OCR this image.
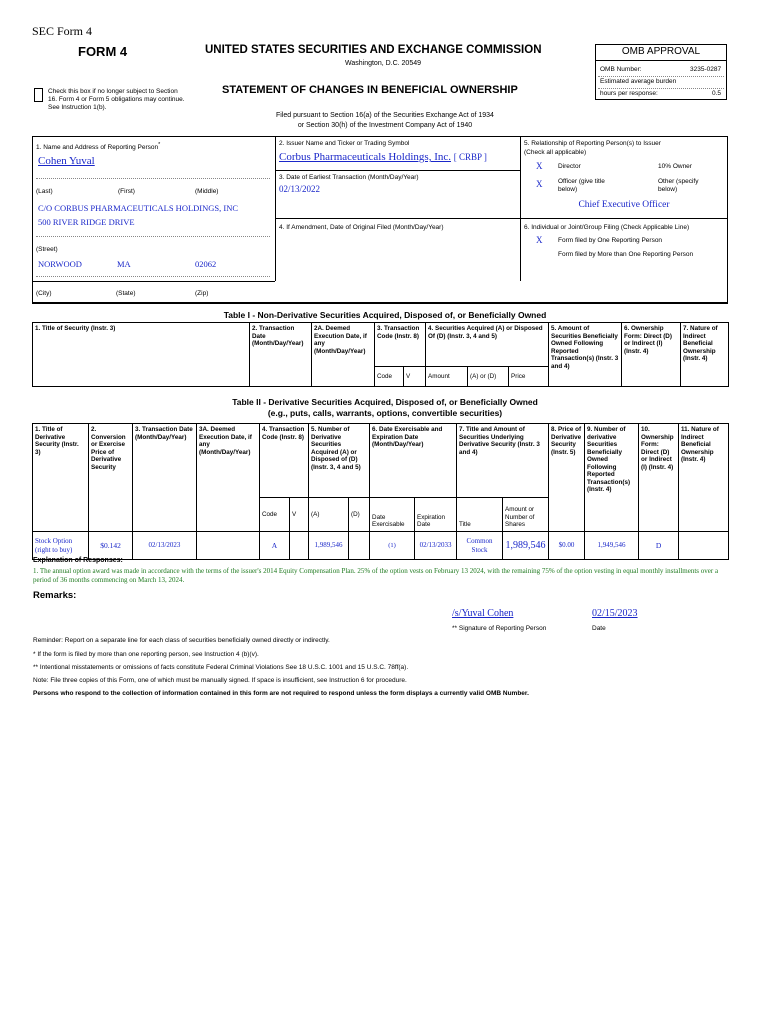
SEC Form 4
FORM 4	UNITED STATES SECURITIES AND EXCHANGE COMMISSION
Washington, D.C. 20549
Check this box if no longer subject to Section 16. Form 4 or Form 5 obligations may continue. See Instruction 1(b).
STATEMENT OF CHANGES IN BENEFICIAL OWNERSHIP
OMB APPROVAL
OMB Number:	3235-0287
Estimated average burden
hours per response:	0.5
Filed pursuant to Section 16(a) of the Securities Exchange Act of 1934
or Section 30(h) of the Investment Company Act of 1940
1. Name and Address of Reporting Person*
Cohen Yuval
(Last)	(First)	(Middle)
C/O CORBUS PHARMACEUTICALS HOLDINGS, INC
500 RIVER RIDGE DRIVE
(Street)
NORWOOD	MA	02062
(City)	(State)	(Zip)
2. Issuer Name and Ticker or Trading Symbol
Corbus Pharmaceuticals Holdings, Inc. [ CRBP ]
3. Date of Earliest Transaction (Month/Day/Year)
02/13/2022
4. If Amendment, Date of Original Filed (Month/Day/Year)
5. Relationship of Reporting Person(s) to Issuer
(Check all applicable)
X Director	10% Owner
X Officer (give title below)
Other (specify below)
Chief Executive Officer
6. Individual or Joint/Group Filing (Check Applicable Line)
X Form filed by One Reporting Person
Form filed by More than One Reporting Person
Table I - Non-Derivative Securities Acquired, Disposed of, or Beneficially Owned
1. Title of Security (Instr. 3)	2. Transaction Date (Month/Day/Year)	2A. Deemed Execution Date, if any (Month/Day/Year)	3. Transaction Code (Instr. 8)		4. Securities Acquired (A) or Disposed Of (D) (Instr. 3, 4 and 5)			5. Amount of Securities Beneficially Owned Following Reported Transaction(s) (Instr. 3 and 4)	6. Ownership Form: Direct (D) or Indirect (I) (Instr. 4)	7. Nature of Indirect Beneficial Ownership (Instr. 4)
			Code	V	Amount	(A) or (D)	Price			
Table II - Derivative Securities Acquired, Disposed of, or Beneficially Owned
(e.g., puts, calls, warrants, options, convertible securities)
1. Title of Derivative Security (Instr. 3)	2. Conversion or Exercise Price of Derivative Security	3. Transaction Date (Month/Day/Year)	3A. Deemed Execution Date, if any (Month/Day/Year)	4. Transaction Code (Instr. 8)		5. Number of Derivative Securities Acquired (A) or Disposed of (D) (Instr. 3, 4 and 5)		6. Date Exercisable and Expiration Date (Month/Day/Year)		7. Title and Amount of Securities Underlying Derivative Security (Instr. 3 and 4)		8. Price of Derivative Security (Instr. 5)	9. Number of derivative Securities Beneficially Owned Following Reported Transaction(s) (Instr. 4)	10. Ownership Form: Direct (D) or Indirect (I) (Instr. 4)	11. Nature of Indirect Beneficial Ownership (Instr. 4)
				Code	V	(A)	(D)	Date Exercisable	Expiration Date	Title	Amount or Number of Shares				
Stock Option (right to buy)	$0.142	02/13/2023		A		1,989,546		(1)	02/13/2033	Common Stock	1,989,546	$0.00	1,949,546	D	
Explanation of Responses:
1. The annual option award was made in accordance with the terms of the issuer's 2014 Equity Compensation Plan. 25% of the option vests on February 13 2024, with the remaining 75% of the option vesting in equal monthly installments over a period of 36 months commencing on March 13, 2024.
Remarks:
/s/Yuval Cohen	02/15/2023
** Signature of Reporting Person	Date
Reminder: Report on a separate line for each class of securities beneficially owned directly or indirectly.
* If the form is filed by more than one reporting person, see Instruction 4 (b)(v).
** Intentional misstatements or omissions of facts constitute Federal Criminal Violations See 18 U.S.C. 1001 and 15 U.S.C. 78ff(a).
Note: File three copies of this Form, one of which must be manually signed. If space is insufficient, see Instruction 6 for procedure.
Persons who respond to the collection of information contained in this form are not required to respond unless the form displays a currently valid OMB Number.
